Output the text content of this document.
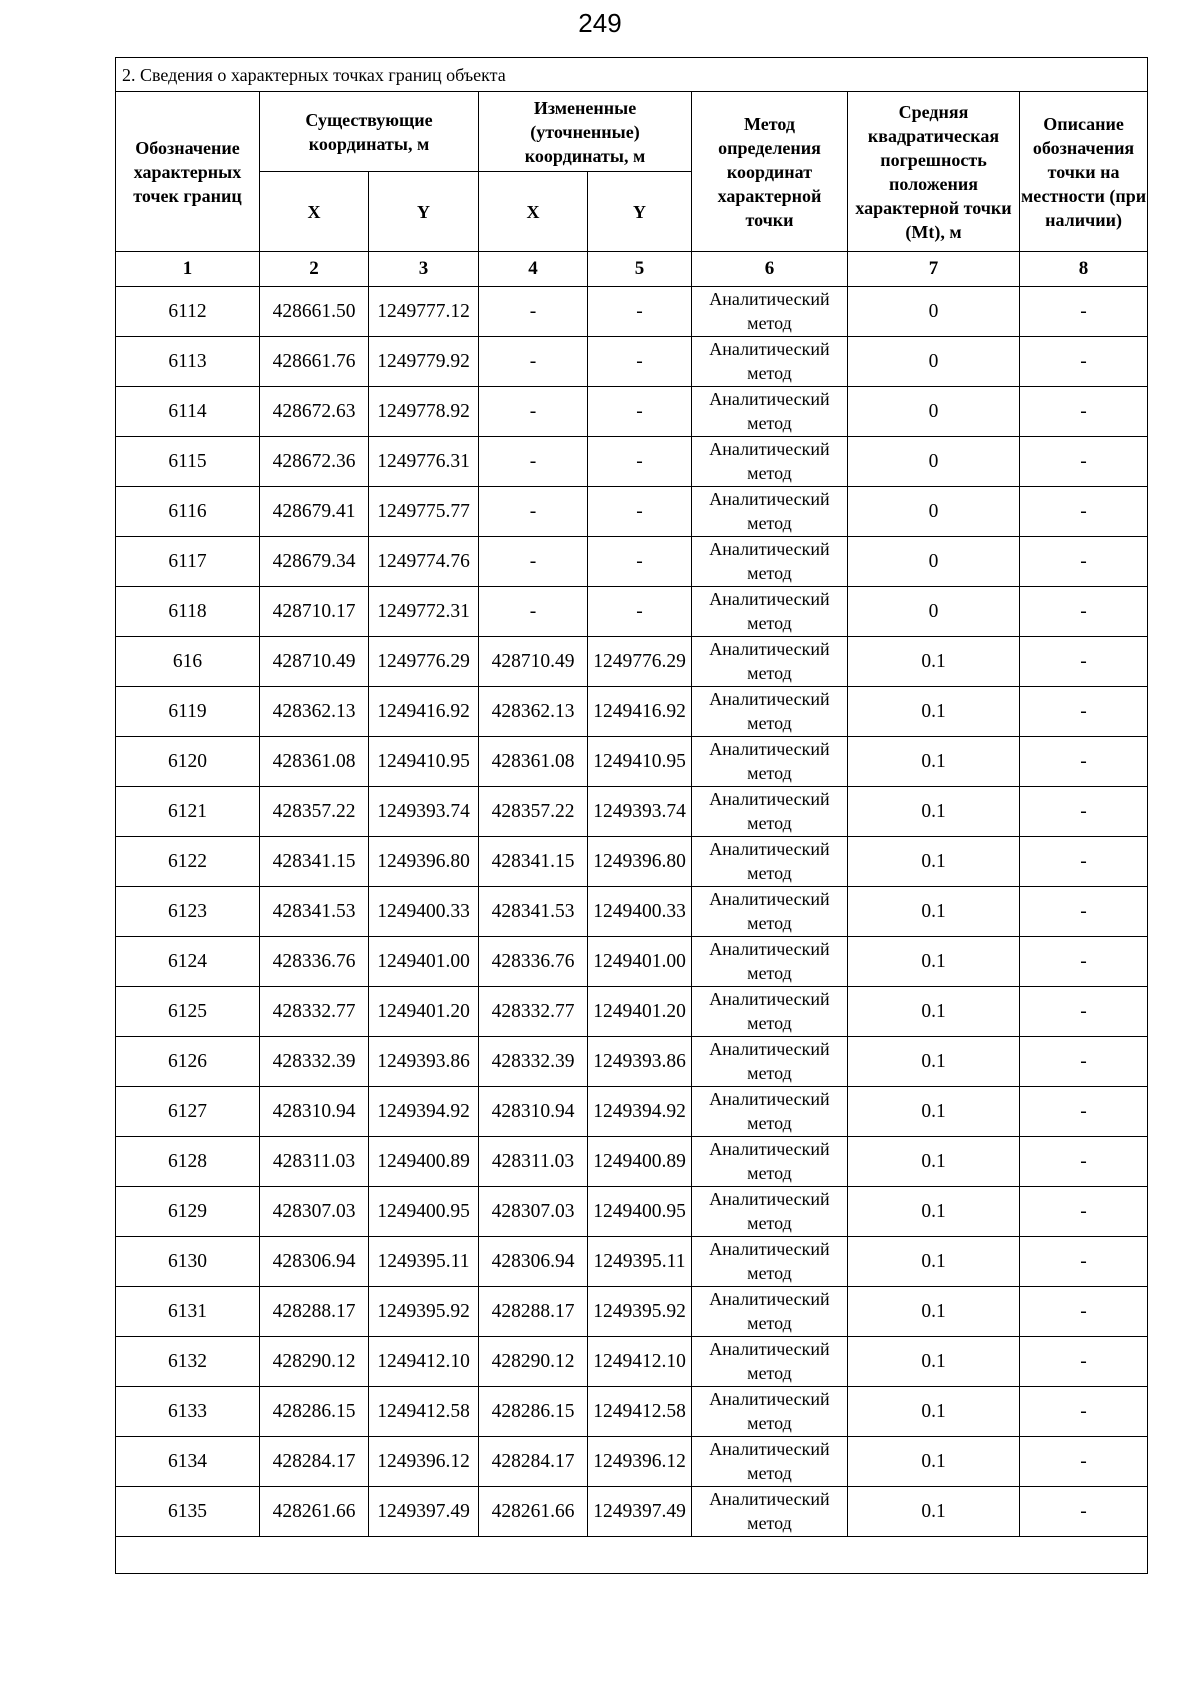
249
2. Сведения о характерных точках границ объекта							
Обозначение характерных точек границ	Существующие координаты, м		Измененные (уточненные) координаты, м		Метод определения координат характерной точки	Средняя квадратическая погрешность положения характерной точки (Mt), м	Описание обозначения точки на местности (при наличии)
	X	Y	X	Y			
1	2	3	4	5	6	7	8
6112	428661.50	1249777.12	-	-	Аналитический метод	0	-
6113	428661.76	1249779.92	-	-	Аналитический метод	0	-
6114	428672.63	1249778.92	-	-	Аналитический метод	0	-
6115	428672.36	1249776.31	-	-	Аналитический метод	0	-
6116	428679.41	1249775.77	-	-	Аналитический метод	0	-
6117	428679.34	1249774.76	-	-	Аналитический метод	0	-
6118	428710.17	1249772.31	-	-	Аналитический метод	0	-
616	428710.49	1249776.29	428710.49	1249776.29	Аналитический метод	0.1	-
6119	428362.13	1249416.92	428362.13	1249416.92	Аналитический метод	0.1	-
6120	428361.08	1249410.95	428361.08	1249410.95	Аналитический метод	0.1	-
6121	428357.22	1249393.74	428357.22	1249393.74	Аналитический метод	0.1	-
6122	428341.15	1249396.80	428341.15	1249396.80	Аналитический метод	0.1	-
6123	428341.53	1249400.33	428341.53	1249400.33	Аналитический метод	0.1	-
6124	428336.76	1249401.00	428336.76	1249401.00	Аналитический метод	0.1	-
6125	428332.77	1249401.20	428332.77	1249401.20	Аналитический метод	0.1	-
6126	428332.39	1249393.86	428332.39	1249393.86	Аналитический метод	0.1	-
6127	428310.94	1249394.92	428310.94	1249394.92	Аналитический метод	0.1	-
6128	428311.03	1249400.89	428311.03	1249400.89	Аналитический метод	0.1	-
6129	428307.03	1249400.95	428307.03	1249400.95	Аналитический метод	0.1	-
6130	428306.94	1249395.11	428306.94	1249395.11	Аналитический метод	0.1	-
6131	428288.17	1249395.92	428288.17	1249395.92	Аналитический метод	0.1	-
6132	428290.12	1249412.10	428290.12	1249412.10	Аналитический метод	0.1	-
6133	428286.15	1249412.58	428286.15	1249412.58	Аналитический метод	0.1	-
6134	428284.17	1249396.12	428284.17	1249396.12	Аналитический метод	0.1	-
6135	428261.66	1249397.49	428261.66	1249397.49	Аналитический метод	0.1	-
